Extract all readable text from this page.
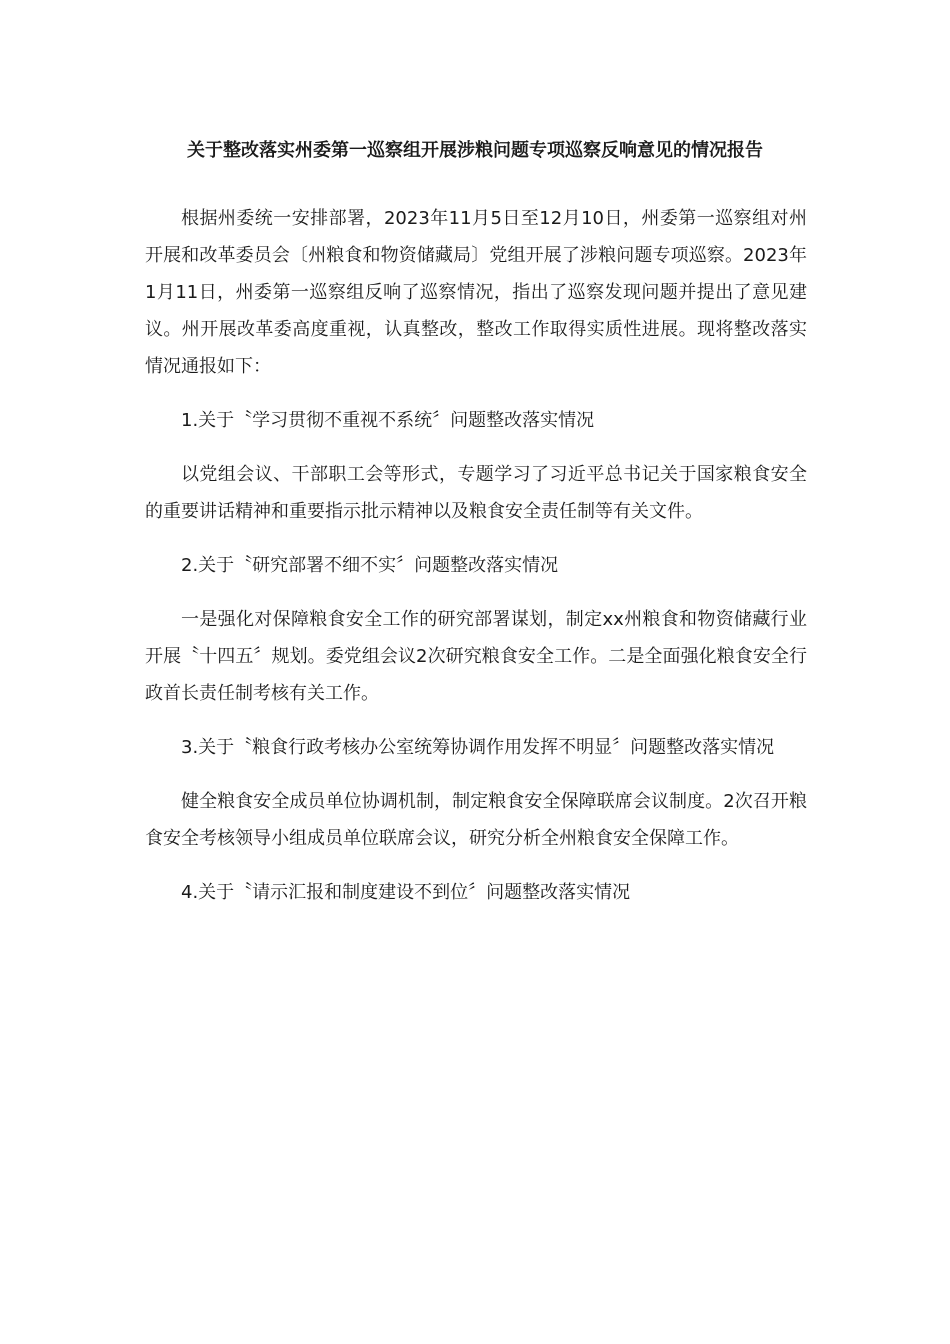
关于整改落实州委第一巡察组开展涉粮问题专项巡察反响意见的情况报告

根据州委统一安排部署，2023年11月5日至12月10日，州委第一巡察组对州开展和改革委员会〔州粮食和物资储藏局〕党组开展了涉粮问题专项巡察。2023年1月11日，州委第一巡察组反响了巡察情况，指出了巡察发现问题并提出了意见建议。州开展改革委高度重视，认真整改，整改工作取得实质性进展。现将整改落实情况通报如下：

1.关于〝学习贯彻不重视不系统〞问题整改落实情况

以党组会议、干部职工会等形式，专题学习了习近平总书记关于国家粮食安全的重要讲话精神和重要指示批示精神以及粮食安全责任制等有关文件。

2.关于〝研究部署不细不实〞问题整改落实情况

一是强化对保障粮食安全工作的研究部署谋划，制定xx州粮食和物资储藏行业开展〝十四五〞规划。委党组会议2次研究粮食安全工作。二是全面强化粮食安全行政首长责任制考核有关工作。

3.关于〝粮食行政考核办公室统筹协调作用发挥不明显〞问题整改落实情况

健全粮食安全成员单位协调机制，制定粮食安全保障联席会议制度。2次召开粮食安全考核领导小组成员单位联席会议，研究分析全州粮食安全保障工作。

4.关于〝请示汇报和制度建设不到位〞问题整改落实情况
